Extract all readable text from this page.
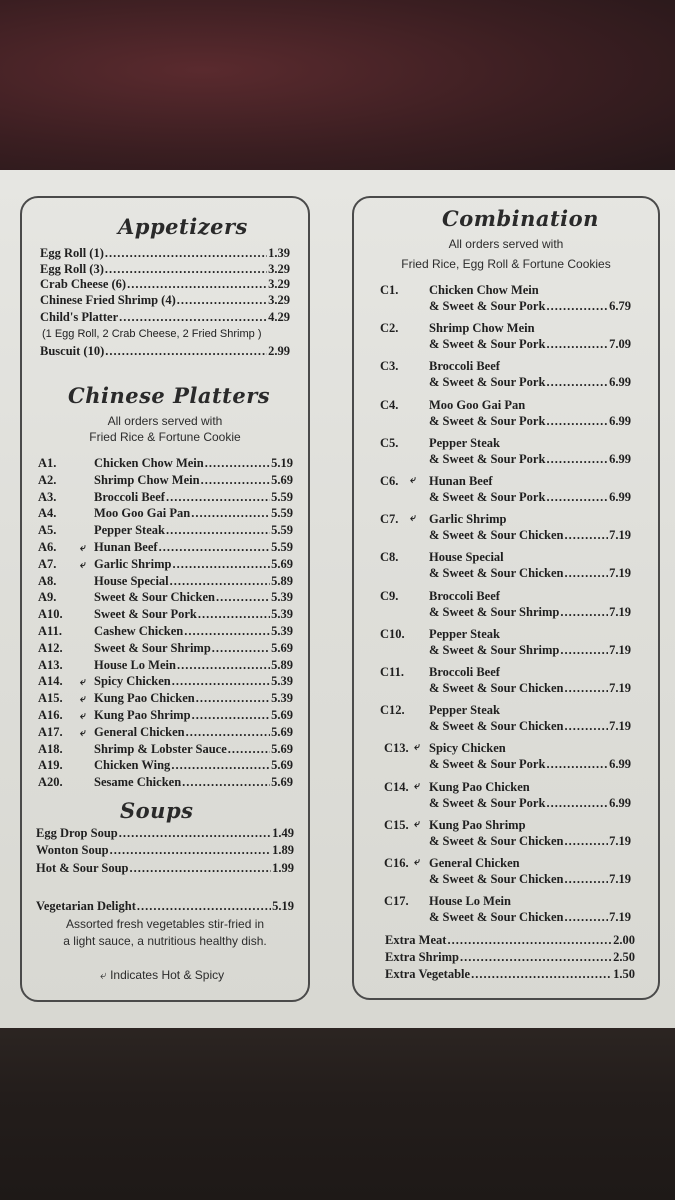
Appetizers
Egg Roll (1) .....	1.39
Egg Roll (3) .....	3.29
Crab Cheese (6) .....	3.29
Chinese Fried Shrimp (4) .....	3.29
Child's Platter .....	4.29
Buscuit (10) .....	2.99
(1 Egg Roll, 2 Crab Cheese, 2 Fried Shrimp )
Chinese Platters
All orders served with
Fried Rice & Fortune Cookie
A1.	Chicken Chow Mein .....	5.19
A2.	Shrimp Chow Mein .....	5.69
A3.	Broccoli Beef .....	5.59
A4.	Moo Goo Gai Pan .....	5.59
A5.	Pepper Steak .....	5.59
A6.	⤶ Hunan Beef .....	5.59
A7.	⤶ Garlic Shrimp .....	5.69
A8.	House Special .....	5.89
A9.	Sweet & Sour Chicken .....	5.39
A10.	Sweet & Sour Pork .....	5.39
A11.	Cashew Chicken .....	5.39
A12.	Sweet & Sour Shrimp .....	5.69
A13.	House Lo Mein .....	5.89
A14.	⤶ Spicy Chicken .....	5.39
A15.	⤶ Kung Pao Chicken .....	5.39
A16.	⤶ Kung Pao Shrimp .....	5.69
A17.	⤶ General Chicken .....	5.69
A18.	Shrimp & Lobster Sauce .....	5.69
A19.	Chicken Wing .....	5.69
A20.	Sesame Chicken .....	5.69
Soups
Egg Drop Soup .....	1.49
Wonton Soup .....	1.89
Hot & Sour Soup .....	1.99
Vegetarian Delight .....	5.19
Assorted fresh vegetables stir-fried in
a light sauce, a nutritious healthy dish.
⤶ Indicates Hot & Spicy
Combination
All orders served with
Fried Rice, Egg Roll & Fortune Cookies
C1. Chicken Chow Mein
& Sweet & Sour Pork .....	6.79
C2. Shrimp Chow Mein
& Sweet & Sour Pork .....	7.09
C3. Broccoli Beef
& Sweet & Sour Pork .....	6.99
C4. Moo Goo Gai Pan
& Sweet & Sour Pork .....	6.99
C5. Pepper Steak
& Sweet & Sour Pork .....	6.99
C6. ⤶ Hunan Beef
& Sweet & Sour Pork .....	6.99
C7. ⤶ Garlic Shrimp
& Sweet & Sour Chicken .....	7.19
C8. House Special
& Sweet & Sour Chicken .....	7.19
C9. Broccoli Beef
& Sweet & Sour Shrimp .....	7.19
C10. Pepper Steak
& Sweet & Sour Shrimp .....	7.19
C11. Broccoli Beef
& Sweet & Sour Chicken .....	7.19
C12. Pepper Steak
& Sweet & Sour Chicken .....	7.19
C13. ⤶ Spicy Chicken
& Sweet & Sour Pork .....	6.99
C14. ⤶ Kung Pao Chicken
& Sweet & Sour Pork .....	6.99
C15. ⤶ Kung Pao Shrimp
& Sweet & Sour Chicken .....	7.19
C16. ⤶ General Chicken
& Sweet & Sour Chicken .....	7.19
C17. House Lo Mein
& Sweet & Sour Chicken .....	7.19
Extra Meat .....	2.00
Extra Shrimp .....	2.50
Extra Vegetable .....	1.50
